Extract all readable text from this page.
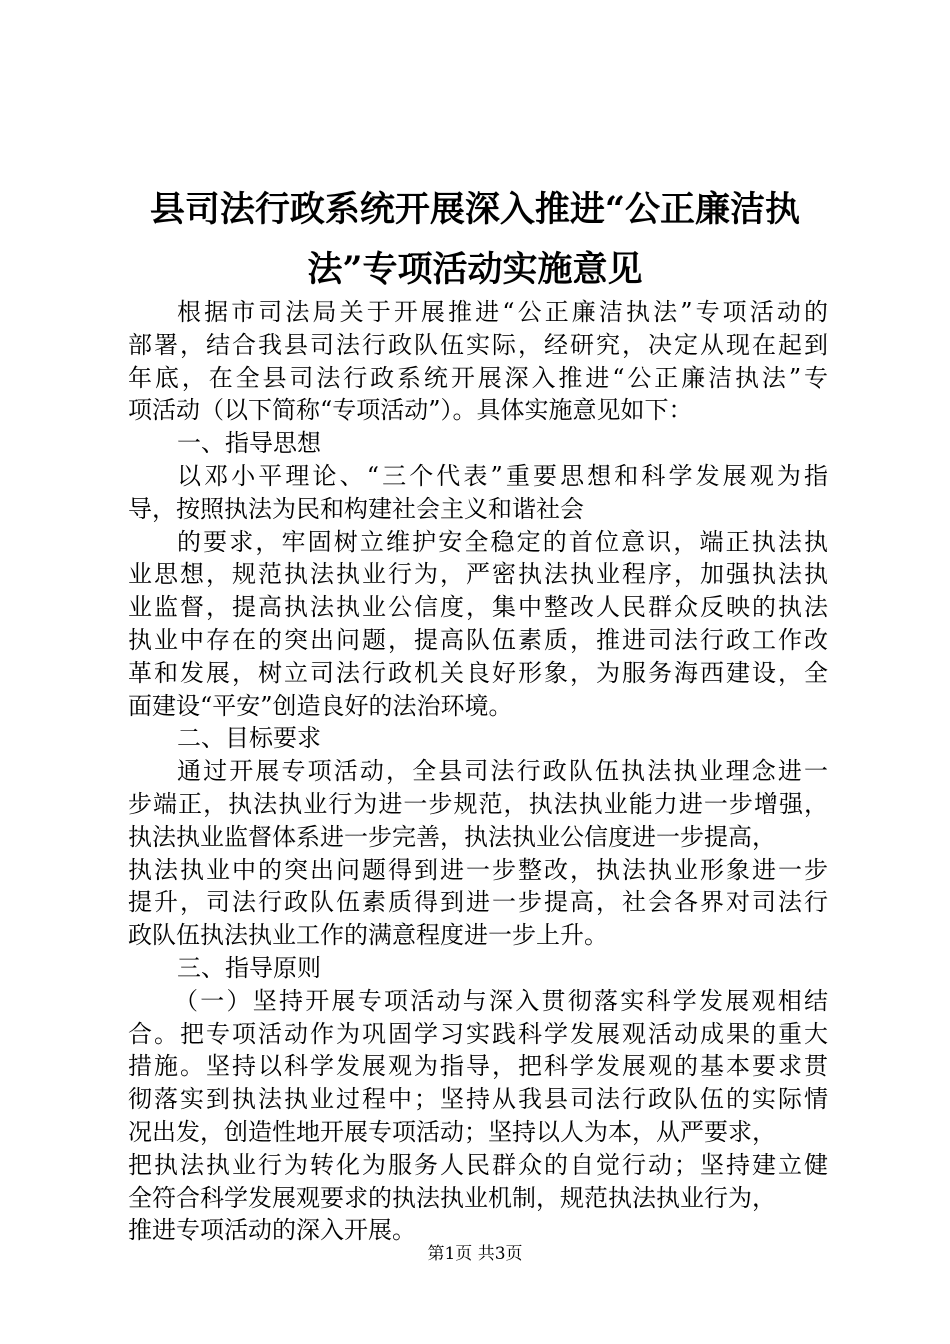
县司法行政系统开展深入推进“公正廉洁执
法”专项活动实施意见
根据市司法局关于开展推进“公正廉洁执法”专项活动的
部署，结合我县司法行政队伍实际，经研究，决定从现在起到
年底，在全县司法行政系统开展深入推进“公正廉洁执法”专
项活动（以下简称“专项活动”）。具体实施意见如下：
一、指导思想
以邓小平理论、“三个代表”重要思想和科学发展观为指
导，按照执法为民和构建社会主义和谐社会
的要求，牢固树立维护安全稳定的首位意识，端正执法执
业思想，规范执法执业行为，严密执法执业程序，加强执法执
业监督，提高执法执业公信度，集中整改人民群众反映的执法
执业中存在的突出问题，提高队伍素质，推进司法行政工作改
革和发展，树立司法行政机关良好形象，为服务海西建设，全
面建设“平安”创造良好的法治环境。
二、目标要求
通过开展专项活动，全县司法行政队伍执法执业理念进一
步端正，执法执业行为进一步规范，执法执业能力进一步增强，
执法执业监督体系进一步完善，执法执业公信度进一步提高，
执法执业中的突出问题得到进一步整改，执法执业形象进一步
提升，司法行政队伍素质得到进一步提高，社会各界对司法行
政队伍执法执业工作的满意程度进一步上升。
三、指导原则
（一）坚持开展专项活动与深入贯彻落实科学发展观相结
合。把专项活动作为巩固学习实践科学发展观活动成果的重大
措施。坚持以科学发展观为指导，把科学发展观的基本要求贯
彻落实到执法执业过程中；坚持从我县司法行政队伍的实际情
况出发，创造性地开展专项活动；坚持以人为本，从严要求，
把执法执业行为转化为服务人民群众的自觉行动；坚持建立健
全符合科学发展观要求的执法执业机制，规范执法执业行为，
推进专项活动的深入开展。
第1页 共3页
